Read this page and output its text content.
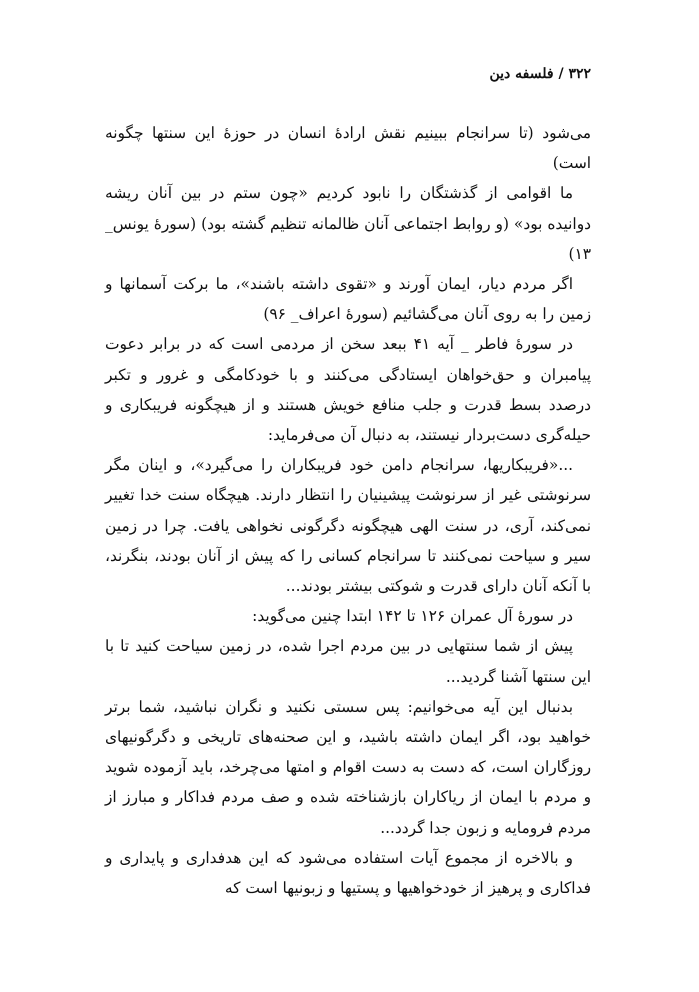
۳۲۲ / فلسفه دین

می‌شود (تا سرانجام ببینیم نقش ارادهٔ انسان در حوزهٔ این سنتها چگونه است)

ما اقوامی از گذشتگان را نابود کردیم «چون ستم در بین آنان ریشه دوانیده بود» (و روابط اجتماعی آنان ظالمانه تنظیم گشته بود) (سورهٔ یونس_ ۱۳)

اگر مردم دیار، ایمان آورند و «تقوی داشته باشند»، ما برکت آسمانها و زمین را به روی آنان می‌گشائیم (سورهٔ اعراف_ ۹۶)

در سورهٔ فاطر _ آیه ۴۱ ببعد سخن از مردمی است که در برابر دعوت پیامبران و حق‌خواهان ایستادگی می‌کنند و با خودکامگی و غرور و تکبر درصدد بسط قدرت و جلب منافع خویش هستند و از هیچگونه فریبکاری و حیله‌گری دست‌بردار نیستند، به دنبال آن می‌فرماید:

...«فریبکاریها، سرانجام دامن خود فریبکاران را می‌گیرد»، و اینان مگر سرنوشتی غیر از سرنوشت پیشینیان را انتظار دارند. هیچگاه سنت خدا تغییر نمی‌کند، آری، در سنت الهی هیچگونه دگرگونی نخواهی یافت. چرا در زمین سیر و سیاحت نمی‌کنند تا سرانجام کسانی را که پیش از آنان بودند، بنگرند، با آنکه آنان دارای قدرت و شوکتی بیشتر بودند...

در سورهٔ آل عمران ۱۲۶ تا ۱۴۲ ابتدا چنین می‌گوید:

پیش از شما سنتهایی در بین مردم اجرا شده، در زمین سیاحت کنید تا با این سنتها آشنا گردید...

بدنبال این آیه می‌خوانیم: پس سستی نکنید و نگران نباشید، شما برتر خواهید بود، اگر ایمان داشته باشید، و این صحنه‌های تاریخی و دگرگونیهای روزگاران است، که دست به دست اقوام و امتها می‌چرخد، باید آزموده شوید و مردم با ایمان از ریاکاران بازشناخته شده و صف مردم فداکار و مبارز از مردم فرومایه و زبون جدا گردد...

و بالاخره از مجموع آیات استفاده می‌شود که این هدفداری و پایداری و فداکاری و پرهیز از خودخواهیها و پستیها و زبونیها است که
